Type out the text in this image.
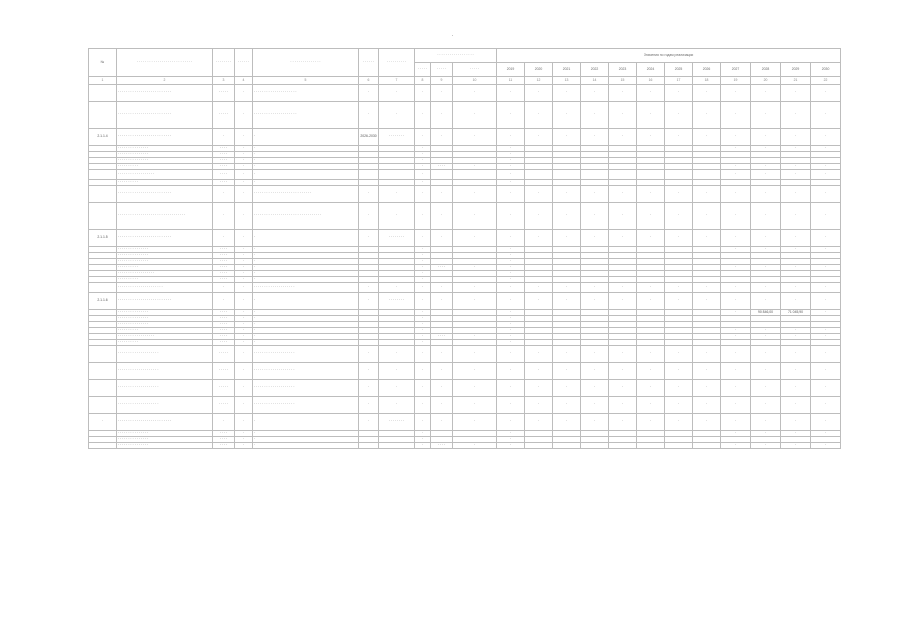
·
№	· · · · · · · · · · · · · · · · · · · · · · · · · · ·	· · · · · · · ·	· · · · · ·	· · · · · · · · · · · · · · ·	· · · · · ·	· · · · · · · · · ·	· · · · · · · · · · · · · · · · · ·			Значения по годам реализации											
							· · · · ·	· · · · ·	· · · · ·	2019	2020	2021	2022	2023	2024	2025	2026	2027	2028	2029	2030
1	2	3	4	5	6	7	8	9	10	11	12	13	14	15	16	17	18	19	20	21	22
	· · · · · · · · · · · · · · · · · · · · · · · · · ·	· · · · ·	·	· · · · · · · · · · · · · · · · · · · · ·	·	·	·	·	·	·	·	·	·	·	·	·	·	·	·	·	·
	· · · · · · · · · · · · · · · · · · · · · · · · · ·	· · · · ·	·	· · · · · · · · · · · · · · · · · · · · ·	·	·	·	·	·	·	·	·	·	·	·	·	·	·	·	·	·
2.1.1.4	· · · · · · · · · · · · · · · · · · · · · · · · · ·	·	·	·	2026-2030	· · · · · · · ·	·	·	·	·	·	·	·	·	·	·	·	·	·	·	·
	· · · · · · · · · · · · · · ·	· · · ·	·	·			·			·								·	·	·	·
	· · · · · · · · · · · · · · ·	· · · ·	·	·			·			·											
	· · · · · · · · · · · · · · ·	· · · ·	·	·			·			·											
	· · · · · · · · · ·	· · · ·	·	·			·	· · · ·	·	·								·	·	·	·
	· · · · · · · · · · · · · · · · · ·	· · · ·	·	·			·			·								·	·	·	·
	· · · · · · · · · ·	· · · ·	·	·			·			·											
	· · · · · · · · · · · · · · · · · · · · · · · · · ·	·	·	· · · · · · · · · · · · · · · · · · · · · · · · · · · ·	·	·	·	·	·	·	·	·	·	·	·	·	·	·	·	·	·
	· · · · · · · · · · · · · · · · · · · · · · · · · · · · · · · · ·	·	·	· · · · · · · · · · · · · · · · · · · · · · · · · · · · · · · · ·	·	·	·	·	·	·	·	·	·	·	·	·	·	·	·	·	·
2.1.1.5	· · · · · · · · · · · · · · · · · · · · · · · · · ·	·	·	·	·	· · · · · · · ·	·	·	·	·	·	·	·	·	·	·	·	·	·	·	·
	· · · · · · · · · · · · · · ·	· · · ·	·	·			·			·								·	·	·	·
	· · · · · · · · · · · · · · ·	· · · ·	·	·			·			·											
	· · · · · · · · · · · · · · ·	· · · ·	·	·			·			·											
	· · · · · · · · · ·	· · · ·	·	·			·	· · · ·	·	·								·	·	·	·
	· · · · · · · · · · · · · · · · · ·	· · · ·	·	·			·			·											
	· · · · · · · · · ·	· · · ·	·	·			·			·											
	· · · · · · · · · · · · · · · · · · · · · ·	·	·	· · · · · · · · · · · · · · · · · · · ·	·	·	·	·	·	·	·	·	·	·	·	·	·	·	·	·	·
2.1.1.6	· · · · · · · · · · · · · · · · · · · · · · · · · ·	·	·	·	·	· · · · · · · ·	·	·	·	·	·	·	·	·	·	·	·	·	·	·	·
	· · · · · · · · · · · · · · ·	· · · ·	·	·			·			·								·	90 846,00	71 045,90	·
	· · · · · · · · · · · · · · ·	· · · ·	·	·			·			·											
	· · · · · · · · · · · · · · ·	· · · ·	·	·			·			·											
	· · · · · · · · · ·	· · · ·	·	·			·			·								·	·	·	·
	· · · · · · · · · · · · · · · · · ·	· · · ·	·	·			·	· · · ·	·	·								·	·	·	·
	· · · · · · · · · ·	· · · ·	·	·			·			·											
	· · · · · · · · · · · · · · · · · · · ·	· · · · ·	·	· · · · · · · · · · · · · · · · · · · ·	·	·	·	·	·	·	·	·	·	·	·	·	·	·	·	·	·
	· · · · · · · · · · · · · · · · · · · ·	· · · · ·	·	· · · · · · · · · · · · · · · · · · · ·	·	·	·	·	·	·	·	·	·	·	·	·	·	·	·	·	·
	· · · · · · · · · · · · · · · · · · · ·	· · · · ·	·	· · · · · · · · · · · · · · · · · · · ·	·	·	·	·	·	·	·	·	·	·	·	·	·	·	·	·	·
	· · · · · · · · · · · · · · · · · · · ·	· · · · ·	·	· · · · · · · · · · · · · · · · · · · ·	·	·	·	·	·	·	·	·	·	·	·	·	·	·	·	·	·
·	· · · · · · · · · · · · · · · · · · · · · · · · · ·	·	·	·	·	· · · · · · · ·	·	·	·	·	·	·	·	·	·	·	·	·	·	·	·
	· · · · · · · · · · · · · · ·	· · · ·	·	·			·			·								·	·	·	·
	· · · · · · · · · · · · · · ·	· · · ·	·	·			·			·											
	· · · · · · · · · · · · · · ·	· · · ·	·	·			·	· · · ·	·	·								·	·	·	·
